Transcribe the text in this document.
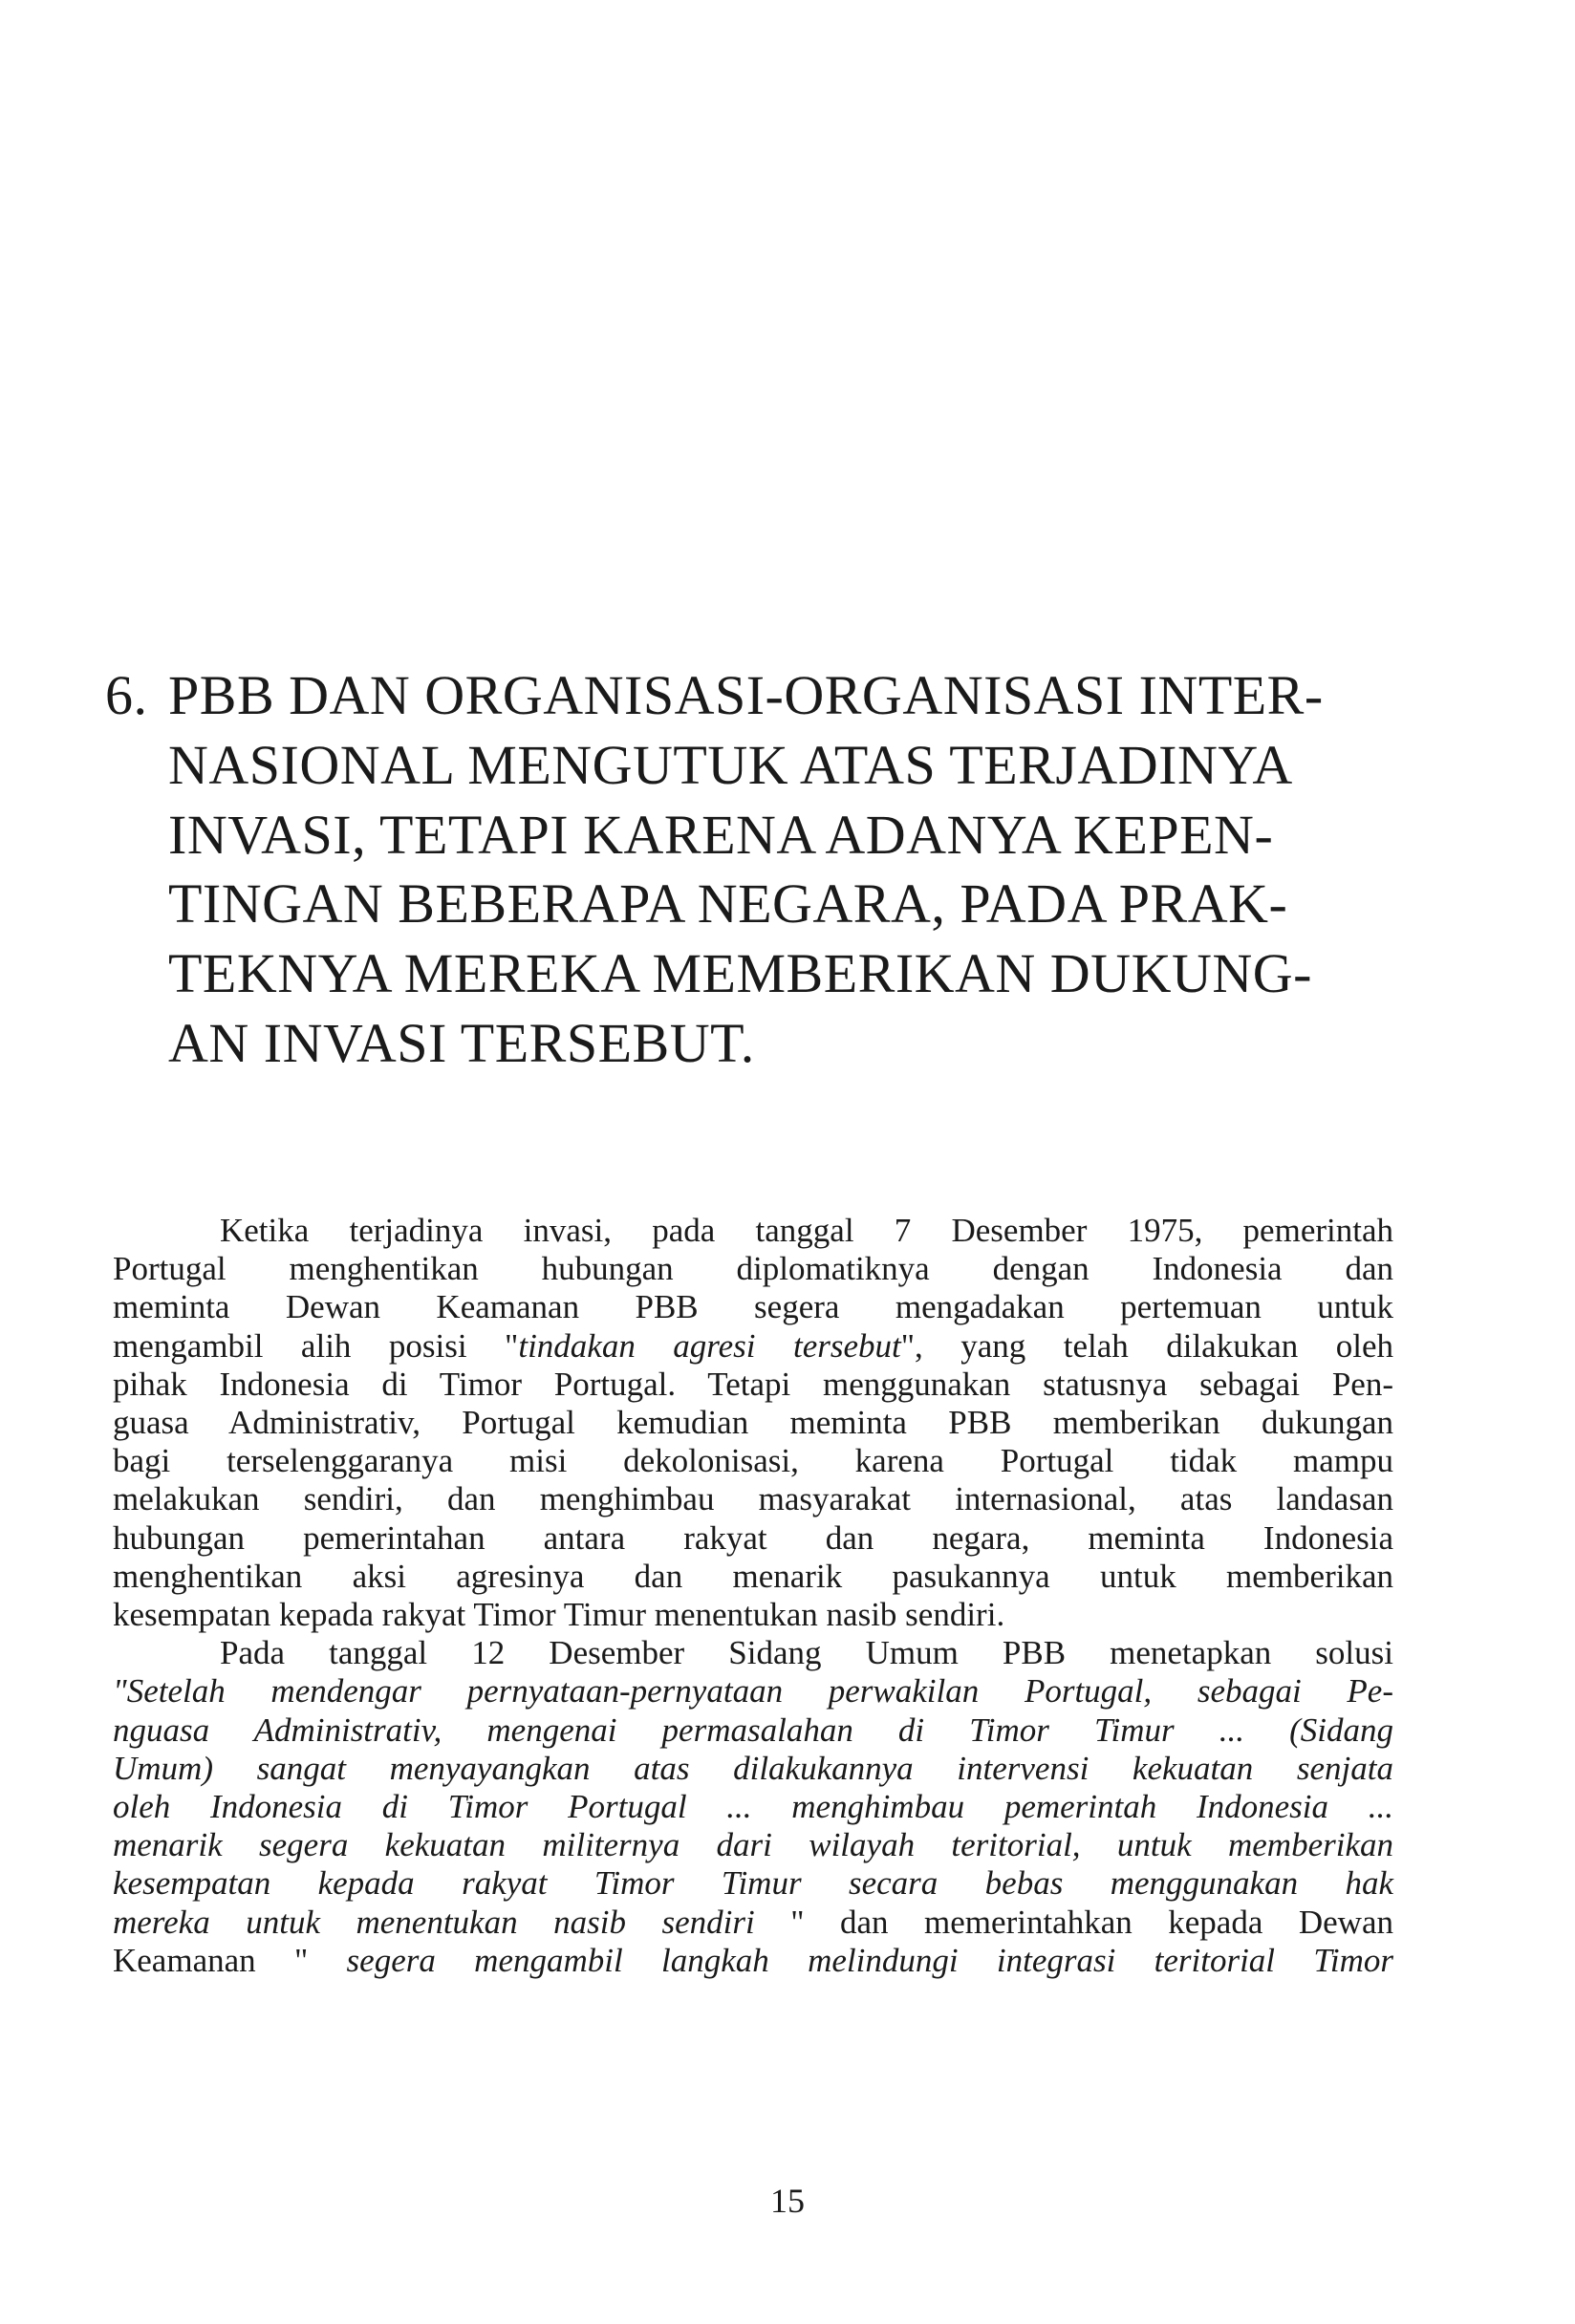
6. PBB DAN ORGANISASI-ORGANISASI INTER-
NASIONAL MENGUTUK ATAS TERJADINYA
INVASI, TETAPI KARENA ADANYA KEPEN-
TINGAN BEBERAPA NEGARA, PADA PRAK-
TEKNYA MEREKA MEMBERIKAN DUKUNG-
AN INVASI TERSEBUT.
Ketika terjadinya invasi, pada tanggal 7 Desember 1975, pemerintah
Portugal menghentikan hubungan diplomatiknya dengan Indonesia dan
meminta Dewan Keamanan PBB segera mengadakan pertemuan untuk
mengambil alih posisi "tindakan agresi tersebut", yang telah dilakukan oleh
pihak Indonesia di Timor Portugal. Tetapi menggunakan statusnya sebagai Pen-
guasa Administrativ, Portugal kemudian meminta PBB memberikan dukungan
bagi terselenggaranya misi dekolonisasi, karena Portugal tidak mampu
melakukan sendiri, dan menghimbau masyarakat internasional, atas landasan
hubungan pemerintahan antara rakyat dan negara, meminta Indonesia
menghentikan aksi agresinya dan menarik pasukannya untuk memberikan
kesempatan kepada rakyat Timor Timur menentukan nasib sendiri.
Pada tanggal 12 Desember Sidang Umum PBB menetapkan solusi
"Setelah mendengar pernyataan-pernyataan perwakilan Portugal, sebagai Pe-
nguasa Administrativ, mengenai permasalahan di Timor Timur ... (Sidang
Umum) sangat menyayangkan atas dilakukannya intervensi kekuatan senjata
oleh Indonesia di Timor Portugal ... menghimbau pemerintah Indonesia ...
menarik segera kekuatan militernya dari wilayah teritorial, untuk memberikan
kesempatan kepada rakyat Timor Timur secara bebas menggunakan hak
mereka untuk menentukan nasib sendiri " dan memerintahkan kepada Dewan
Keamanan " segera mengambil langkah melindungi integrasi teritorial Timor
15
